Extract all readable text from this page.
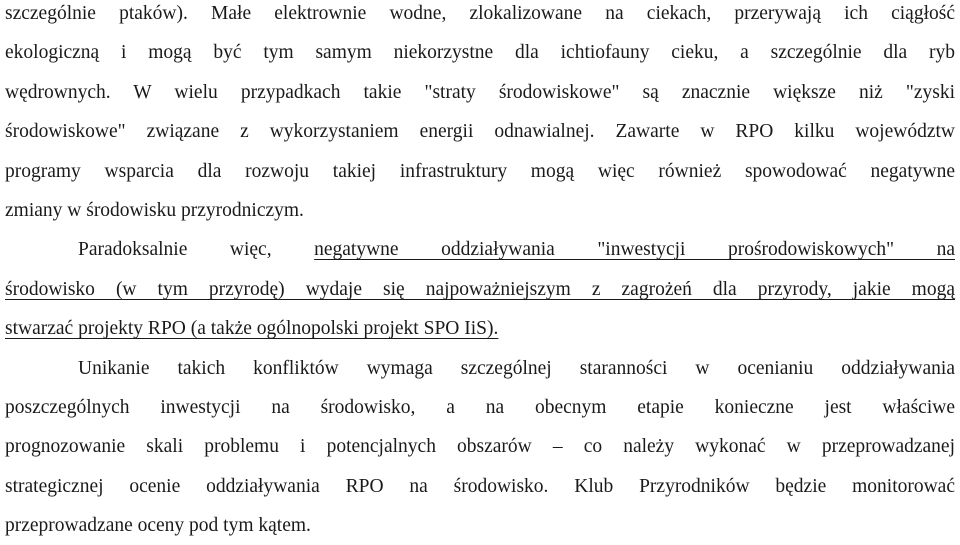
szczególnie ptaków). Małe elektrownie wodne, zlokalizowane na ciekach, przerywają ich ciągłość
ekologiczną i mogą być tym samym niekorzystne dla ichtiofauny cieku, a szczególnie dla ryb
wędrownych. W wielu przypadkach takie "straty środowiskowe" są znacznie większe niż "zyski
środowiskowe" związane z wykorzystaniem energii odnawialnej. Zawarte w RPO kilku województw
programy wsparcia dla rozwoju takiej infrastruktury mogą więc również spowodować negatywne
zmiany w środowisku przyrodniczym.
Paradoksalnie więc, negatywne oddziaływania "inwestycji prośrodowiskowych" na
środowisko (w tym przyrodę) wydaje się najpoważniejszym z zagrożeń dla przyrody, jakie mogą
stwarzać projekty RPO (a także ogólnopolski projekt SPO IiS).
Unikanie takich konfliktów wymaga szczególnej staranności w ocenianiu oddziaływania
poszczególnych inwestycji na środowisko, a na obecnym etapie konieczne jest właściwe
prognozowanie skali problemu i potencjalnych obszarów – co należy wykonać w przeprowadzanej
strategicznej ocenie oddziaływania RPO na środowisko. Klub Przyrodników będzie monitorować
przeprowadzane oceny pod tym kątem.
